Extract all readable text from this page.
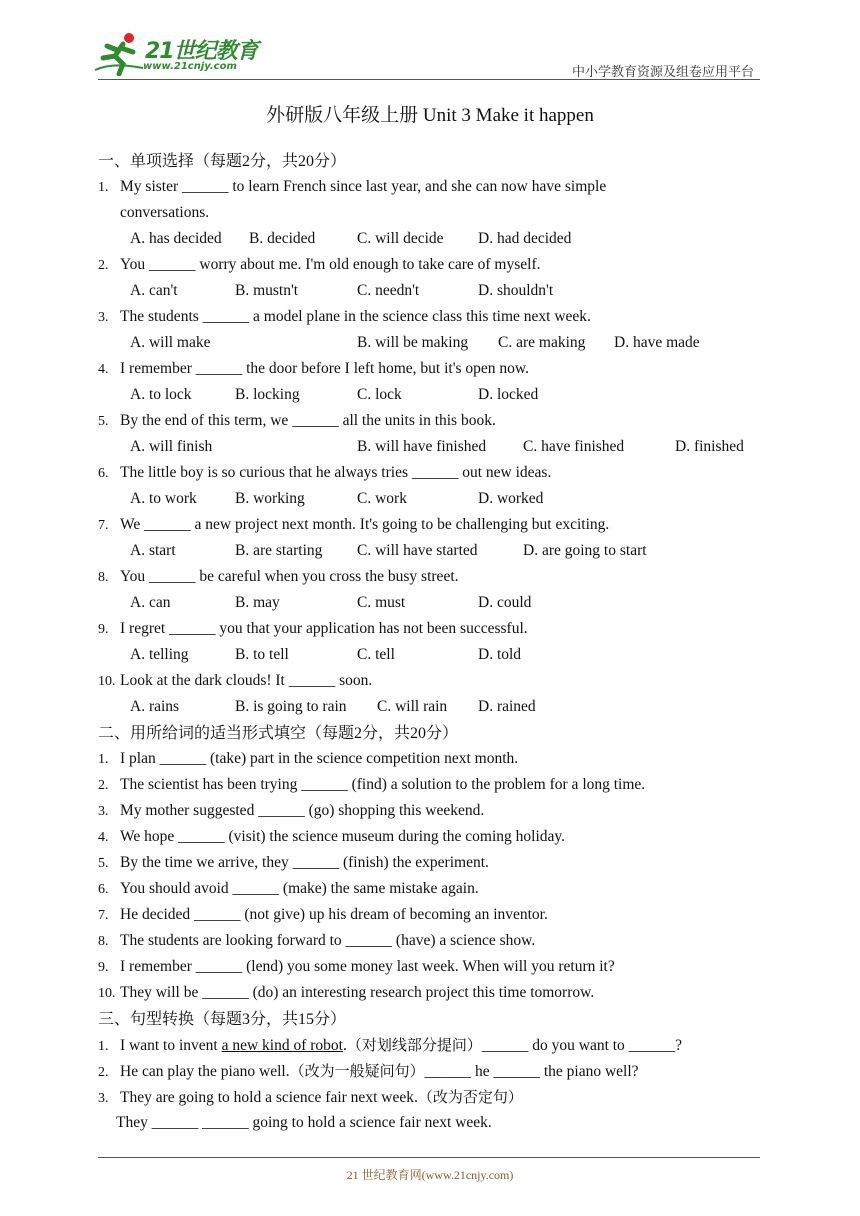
21世纪教育
www.21cnjy.com	中小学教育资源及组卷应用平台
外研版八年级上册 Unit 3 Make it happen
一、单项选择（每题2分，共20分）
1. My sister ______ to learn French since last year, and she can now have simple
conversations.
A. has decided B. decided	C. will decide D. had decided
2. You ______ worry about me. I'm old enough to take care of myself.
A. can't	B. mustn't	C. needn't	D. shouldn't
3. The students ______ a model plane in the science class this time next week.
A. will make	B. will be making C. are making D. have made
4. I remember ______ the door before I left home, but it's open now.
A. to lock	B. locking	C. lock	D. locked
5. By the end of this term, we ______ all the units in this book.
A. will finish	B. will have finished C. have finished	D. finished
6. The little boy is so curious that he always tries ______ out new ideas.
A. to work B. working	C. work	D. worked
7. We ______ a new project next month. It's going to be challenging but exciting.
A. start	B. are starting C. will have started	D. are going to start
8. You ______ be careful when you cross the busy street.
A. can	B. may	C. must	D. could
9. I regret ______ you that your application has not been successful.
A. telling	B. to tell	C. tell	D. told
10. Look at the dark clouds! It ______ soon.
A. rains	B. is going to rain C. will rain D. rained
二、用所给词的适当形式填空（每题2分，共20分）
1. I plan ______ (take) part in the science competition next month.
2. The scientist has been trying ______ (find) a solution to the problem for a long time.
3. My mother suggested ______ (go) shopping this weekend.
4. We hope ______ (visit) the science museum during the coming holiday.
5. By the time we arrive, they ______ (finish) the experiment.
6. You should avoid ______ (make) the same mistake again.
7. He decided ______ (not give) up his dream of becoming an inventor.
8. The students are looking forward to ______ (have) a science show.
9. I remember ______ (lend) you some money last week. When will you return it?
10. They will be ______ (do) an interesting research project this time tomorrow.
三、句型转换（每题3分，共15分）
1. I want to invent a new kind of robot.（对划线部分提问）______ do you want to ______?
2. He can play the piano well.（改为一般疑问句）______ he ______ the piano well?
3. They are going to hold a science fair next week.（改为否定句）
They ______ ______ going to hold a science fair next week.
21 世纪教育网(www.21cnjy.com)
